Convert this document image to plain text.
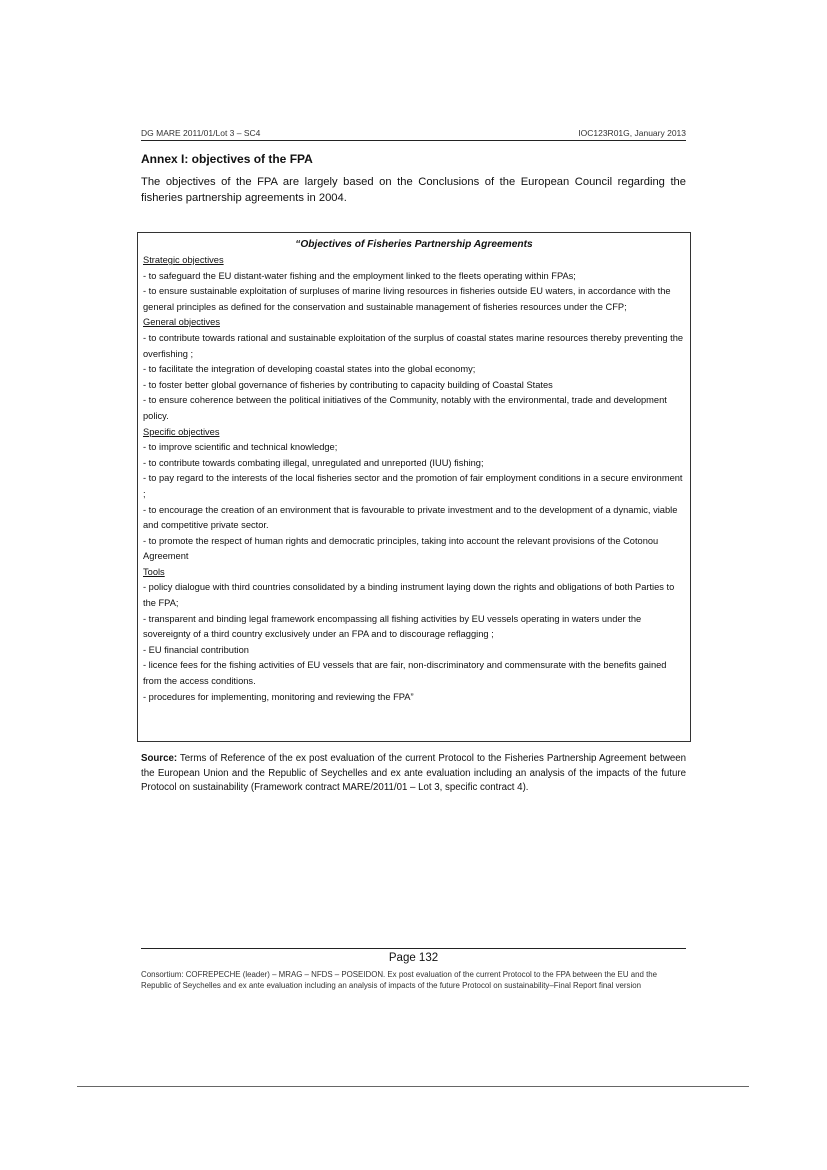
DG MARE 2011/01/Lot 3 – SC4	IOC123R01G, January 2013
Annex I: objectives of the FPA
The objectives of the FPA are largely based on the Conclusions of the European Council regarding the fisheries partnership agreements in 2004.
“Objectives of Fisheries Partnership Agreements
Strategic objectives

- to safeguard the EU distant-water fishing and the employment linked to the fleets operating within FPAs;

- to ensure sustainable exploitation of surpluses of marine living resources in fisheries outside EU waters, in accordance with the general principles as defined for the conservation and sustainable management of fisheries resources under the CFP;

General objectives

- to contribute towards rational and sustainable exploitation of the surplus of coastal states marine resources thereby preventing the overfishing ;

- to facilitate the integration of developing coastal states into the global economy;

- to foster better global governance of fisheries by contributing to capacity building of Coastal States

- to ensure coherence between the political initiatives of the Community, notably with the environmental, trade and development policy.

Specific objectives

- to improve scientific and technical knowledge;

- to contribute towards combating illegal, unregulated and unreported (IUU) fishing;

- to pay regard to the interests of the local fisheries sector and the promotion of fair employment conditions in a secure environment ;

- to encourage the creation of an environment that is favourable to private investment and to the development of a dynamic, viable and competitive private sector.

- to promote the respect of human rights and democratic principles, taking into account the relevant provisions of the Cotonou Agreement

Tools

- policy dialogue with third countries consolidated by a binding instrument laying down the rights and obligations of both Parties to the FPA;

- transparent and binding legal framework encompassing all fishing activities by EU vessels operating in waters under the sovereignty of a third country exclusively under an FPA and to discourage reflagging ;

- EU financial contribution

- licence fees for the fishing activities of EU vessels that are fair, non-discriminatory and commensurate with the benefits gained from the access conditions.

- procedures for implementing, monitoring and reviewing the FPA”

Source: Terms of Reference of the ex post evaluation of the current Protocol to the Fisheries Partnership Agreement between the European Union and the Republic of Seychelles and ex ante evaluation including an analysis of the impacts of the future Protocol on sustainability (Framework contract MARE/2011/01 – Lot 3, specific contract 4).
Page 132
Consortium: COFREPECHE (leader) – MRAG – NFDS – POSEIDON. Ex post evaluation of the current Protocol to the FPA between the EU and the Republic of Seychelles and ex ante evaluation including an analysis of impacts of the future Protocol on sustainability–Final Report final version
